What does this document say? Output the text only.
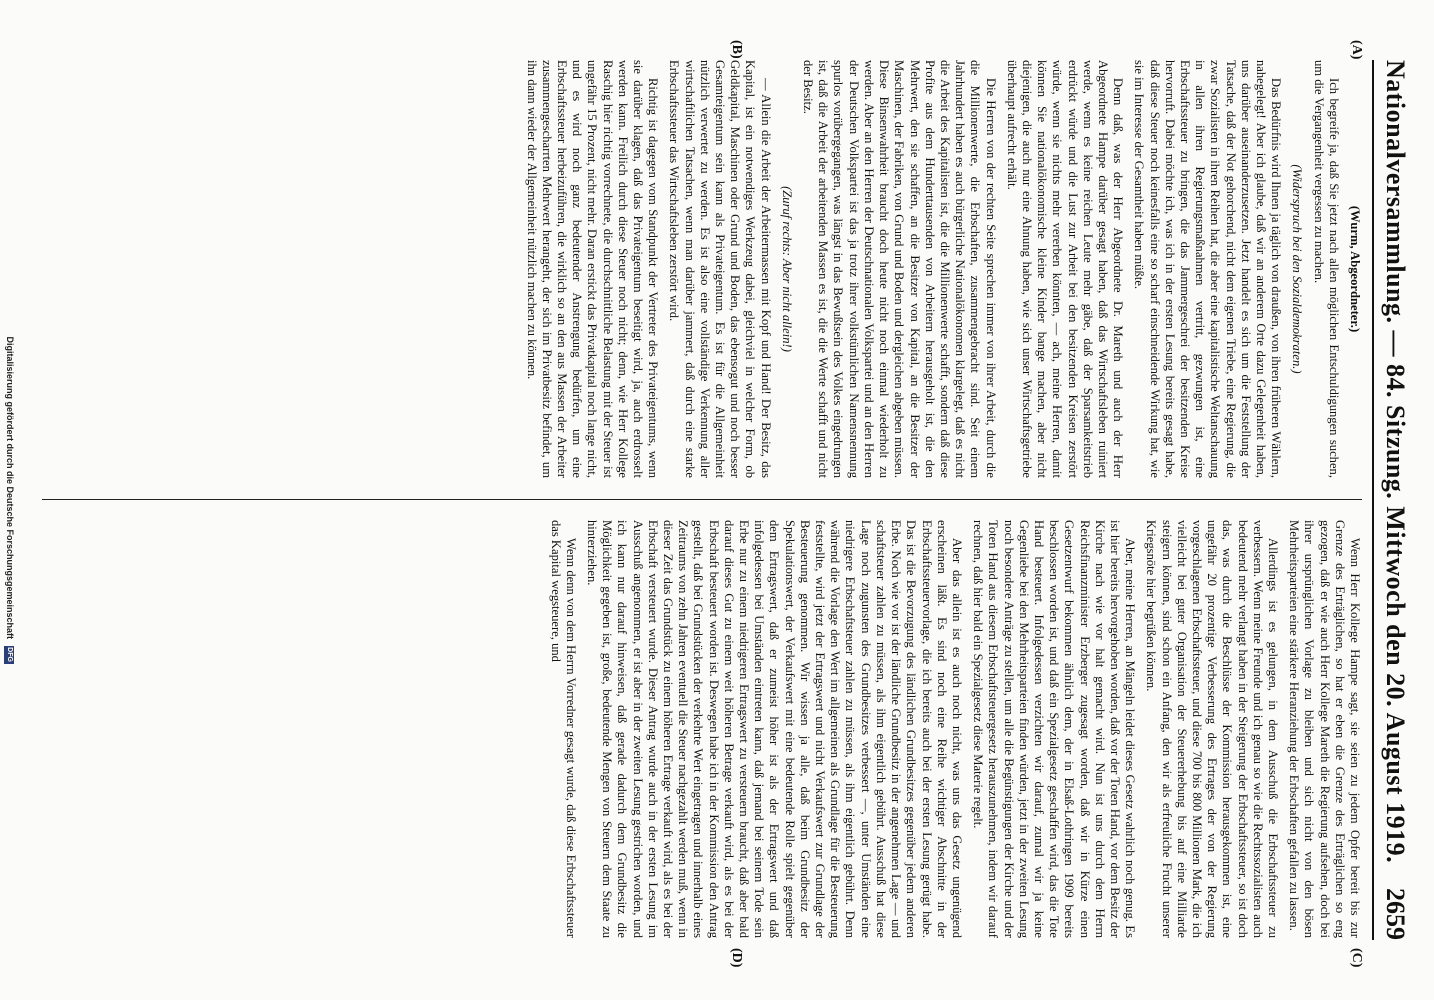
Nationalversammlung. — 84. Sitzung. Mittwoch den 20. August 1919.
2659

(Wurm, Abgeordneter.)

Ich begreife ja, daß Sie jetzt nach allen möglichen Entschuldigungen suchen, um die Vergangenheit vergessen zu machen.

(Widerspruch bei den Sozialdemokraten.)

Das Bedürfnis wird Ihnen ja täglich von draußen, von ihren früheren Wählern, nahegelegt! Aber ich glaube, daß wir an anderem Orte dazu Gelegenheit haben, uns darüber auseinanderzusetzen. Jetzt handelt es sich um die Feststellung der Tatsache, daß der Not gehorchend, nicht dem eigenen Triebe, eine Regierung, die zwar Sozialisten in ihren Reihen hat, die aber eine kapitalistische Weltanschauung in allen ihren Regierungsmaßnahmen vertritt, gezwungen ist, eine Erbschaftssteuer zu bringen, die das Jammergeschrei der besitzenden Kreise hervorruft. Dabei möchte ich, was ich in der ersten Lesung bereits gesagt habe, daß diese Steuer noch keinesfalls eine so scharf einschneidende Wirkung hat, wie sie im Interesse der Gesamtheit haben müßte.

Denn daß, was der Herr Abgeordnete Dr. Mareth und auch der Herr Abgeordnete Hampe darüber gesagt haben, daß das Wirtschaftsleben ruiniert werde, wenn es keine reichen Leute mehr gäbe, daß der Sparsamkeitstrieb erdrückt würde und die Lust zur Arbeit bei den besitzenden Kreisen zerstört würde, wenn sie nichts mehr vererben könnten, — ach, meine Herren, damit können Sie nationalökonomische kleine Kinder bange machen, aber nicht diejenigen, die auch nur eine Ahnung haben, wie sich unser Wirtschaftsgetriebe überhaupt aufrecht erhält.

Die Herren von der rechten Seite sprechen immer von ihrer Arbeit, durch die die Millionenwerte, die Erbschaften, zusammengebracht sind. Seit einem Jahrhundert haben es auch bürgerliche Nationalökonomen klargelegt, daß es nicht die Arbeit des Kapitalisten ist, die die Millionenwerte schafft, sondern daß diese Profite aus dem Hunderttausenden von Arbeitern herausgeholt ist, die den Mehrwert, den sie schaffen, an die Besitzer von Kapital, an die Besitzer der Maschinen, der Fabriken, von Grund und Boden und dergleichen abgeben müssen. Diese Binsenwahrheit braucht doch heute nicht noch einmal wiederholt zu werden. Aber an den Herren der Deutschnationalen Volkspartei und an den Herren der Deutschen Volkspartei ist das ja trotz ihrer volkstümlichen Namensnennung spurlos vorübergegangen, was längst in das Bewußtsein des Volkes eingedrungen ist, daß die Arbeit der arbeitenden Massen es ist, die die Werte schafft und nicht der Besitz.

(Zuruf rechts: Aber nicht allein!)

— Allein die Arbeit der Arbeitermassen mit Kopf und Hand! Der Besitz, das Kapital, ist ein notwendiges Werkzeug dabei, gleichviel in welcher Form, ob Geldkapital, Maschinen oder Grund und Boden, das ebensogut und noch besser Gesamteigentum sein kann als Privateigentum. Es ist für die Allgemeinheit nützlich verwertet zu werden. Es ist also eine vollständige Verkennung aller wirtschaftlichen Tatsachen, wenn man darüber jammert, daß durch eine starke Erbschaftssteuer das Wirtschaftsleben zerstört wird.

Richtig ist dagegen vom Standpunkt der Vertreter des Privateigentums, wenn sie darüber klagen, daß das Privateigentum beseitigt wird, ja, auch erdrosselt werden kann. Freilich durch diese Steuer noch nicht; denn, wie Herr Kollege Raschig hier richtig vorrechnete, die durchschnittliche Belastung mit der Steuer ist ungefähr 15 Prozent, nicht mehr. Daran erstickt das Privatkapital noch lange nicht, und es wird noch ganz bedeutender Anstrengung bedürfen, um eine Erbschaftssteuer herbeizuführen, die wirklich so an den aus Massen der Arbeiter zusammengescharrten Mehrwert herangeht, der sich im Privatbesitz befindet, um ihn dann wieder der Allgemeinheit nützlich machen zu können.

Wenn Herr Kollege Hampe sagt, sie seien zu jedem Opfer bereit bis zur Grenze des Erträglichen, so hat er eben die Grenze des Erträglichen so eng gezogen, daß er wie auch Herr Kollege Mareth die Regierung aufsehen, doch bei ihrer ursprünglichen Vorlage zu bleiben und sich nicht von den bösen Mehrheitsparteien eine stärkere Heranziehung der Erbschaften gefallen zu lassen.

Allerdings ist es gelungen, in dem Ausschuß die Erbschaftssteuer zu verbessern. Wenn meine Freunde und ich genau so wie die Rechtssozialisten auch bedeutend mehr verlangt haben in der Steigerung der Erbschaftssteuer, so ist doch das, was durch die Beschlüsse der Kommission herausgekommen ist, eine ungefähr 20 prozentige Verbesserung des Ertrages der von der Regierung vorgeschlagenen Erbschaftssteuer, und diese 700 bis 800 Millionen Mark, die ich vielleicht bei guter Organisation der Steuererhebung bis auf eine Milliarde steigern können, sind schon ein Anfang, den wir als erfreuliche Frucht unserer Kriegsnöte hier begrüßen können.

Aber, meine Herren, an Mängeln leidet dieses Gesetz wahrlich noch genug. Es ist hier bereits hervorgehoben worden, daß vor der Toten Hand, vor dem Besitz der Kirche nach wie vor halt gemacht wird. Nun ist uns durch dem Herrn Reichsfinanzminister Erzberger zugesagt worden, daß wir in Kürze einen Gesetzentwurf bekommen ähnlich dem, der in Elsaß-Lothringen 1909 bereits beschlossen worden ist, und daß ein Spezialgesetz geschaffen wird, das die Tote Hand besteuert. Infolgedessen verzichten wir darauf, zumal wir ja keine Gegenliebe bei den Mehrheitsparteien finden würden, jetzt in der zweiten Lesung noch besondere Anträge zu stellen, um alle die Begünstigungen der Kirche und der Toten Hand aus diesem Erbschaftsteuergesetz herauszunehmen, indem wir darauf rechnen, daß hier bald ein Spezialgesetz diese Materie regelt.

Aber das allein ist es auch noch nicht, was uns das Gesetz ungenügend erscheinen läßt. Es sind noch eine Reihe wichtiger Abschnitte in der Erbschaftssteuervorlage, die ich bereits auch bei der ersten Lesung gerügt habe. Das ist die Bevorzugung des ländlichen Grundbesitzes gegenüber jedem anderen Erbe. Noch wie vor ist der ländliche Grundbesitz in der angenehmen Lage — und schaftsteuer zahlen zu müssen, als ihm eigentlich gebührt. Ausschuß hat diese Lage noch zugunsten des Grundbesitzes verbessert —, unter Umständen eine niedrigere Erbschaftsteuer zahlen zu müssen, als ihm eigentlich gebührt. Denn während die Vorlage den Wert im allgemeinen als Grundlage für die Besteuerung feststellte, wird jetzt der Ertragswert und nicht Verkaufswert zur Grundlage der Besteuerung genommen. Wir wissen ja alle, daß beim Grundbesitz der Spekulationswert, der Verkaufswert mit eine bedeutende Rolle spielt gegenüber dem Ertragswert, daß er zumeist höher ist als der Ertragswert und daß infolgedessen bei Umständen eintreten kann, daß jemand bei seinem Tode sein Erbe nur zu einem niedrigeren Ertragswert zu versteuern braucht, daß aber bald darauf dieses Gut zu einem weit höheren Betrage verkauft wird, als es bei der Erbschaft besteuert worden ist. Deswegen habe ich in der Kommission den Antrag gestellt, daß bei Grundstücken der verkehrte Wert eingetragen und innerhalb eines Zeitraums von zehn Jahren eventuell die Steuer nachgezahlt werden muß, wenn in dieser Zeit das Grundstück zu einem höheren Ertrage verkauft wird, als es bei der Erbschaft versteuert wurde. Dieser Antrag wurde auch in der ersten Lesung im Ausschuß angenommen, er ist aber in der zweiten Lesung gestrichen worden, und ich kann nur darauf hinweisen, daß gerade dadurch dem Grundbesitz die Möglichkeit gegeben ist, große, bedeutende Mengen von Steuern dem Staate zu hinterziehen.

Wenn denn von dem Herrn Vorredner gesagt wurde, daß diese Erbschaftssteuer das Kapital wegsteuere, und

(A)
(B)
(C)
(D)
Digitalisierung gefördert durch die Deutsche Forschungsgemeinschaft DFG
